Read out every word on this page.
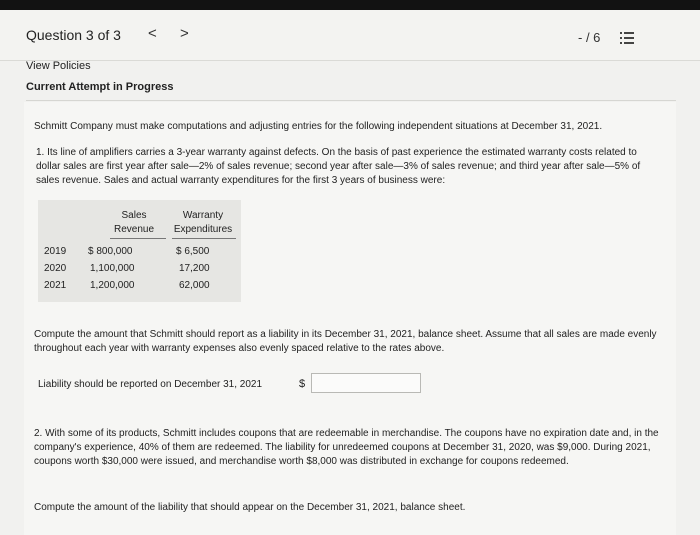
Question 3 of 3 < >	- / 6
View Policies
Current Attempt in Progress
Schmitt Company must make computations and adjusting entries for the following independent situations at December 31, 2021.
1. Its line of amplifiers carries a 3-year warranty against defects. On the basis of past experience the estimated warranty costs related to dollar sales are first year after sale—2% of sales revenue; second year after sale—3% of sales revenue; and third year after sale—5% of sales revenue. Sales and actual warranty expenditures for the first 3 years of business were:
Sales
Revenue
Warranty
Expenditures
2019 $ 800,000	$ 6,500
2020 1,100,000	17,200
2021 1,200,000	62,000
Compute the amount that Schmitt should report as a liability in its December 31, 2021, balance sheet. Assume that all sales are made evenly throughout each year with warranty expenses also evenly spaced relative to the rates above.
Liability should be reported on December 31, 2021	$
2. With some of its products, Schmitt includes coupons that are redeemable in merchandise. The coupons have no expiration date and, in the company's experience, 40% of them are redeemed. The liability for unredeemed coupons at December 31, 2020, was $9,000. During 2021, coupons worth $30,000 were issued, and merchandise worth $8,000 was distributed in exchange for coupons redeemed.
Compute the amount of the liability that should appear on the December 31, 2021, balance sheet.
